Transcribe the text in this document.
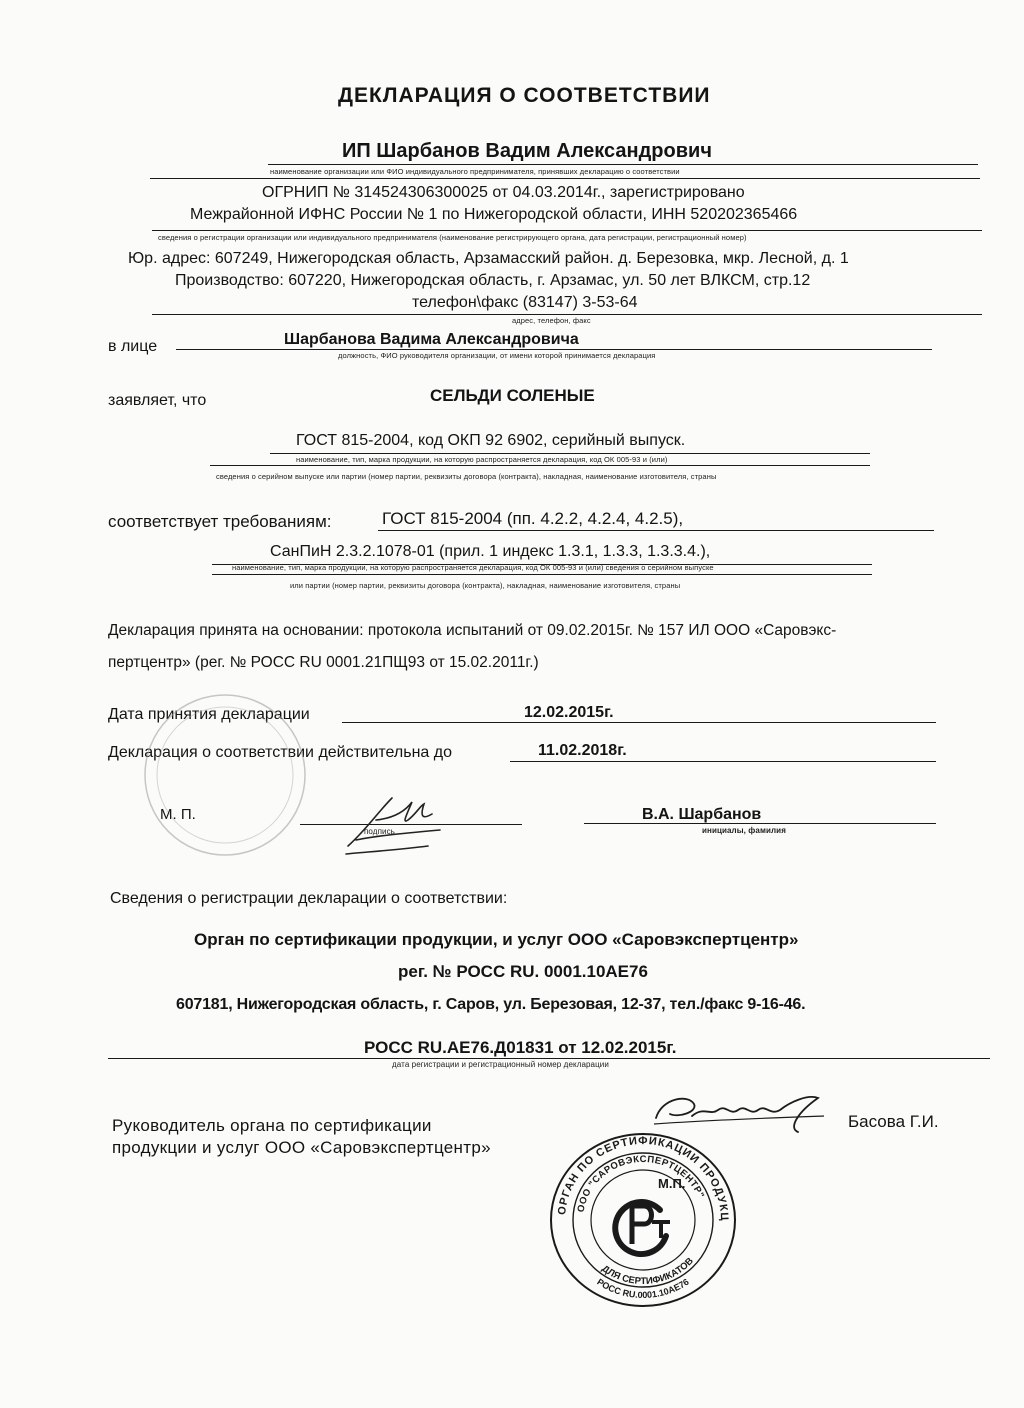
ДЕКЛАРАЦИЯ О СООТВЕТСТВИИ
ИП Шарбанов Вадим Александрович
наименование организации или ФИО индивидуального предпринимателя, принявших декларацию о соответствии
ОГРНИП № 314524306300025 от 04.03.2014г., зарегистрировано
Межрайонной ИФНС России № 1 по Нижегородской области, ИНН 520202365466
сведения о регистрации организации или индивидуального предпринимателя (наименование регистрирующего органа, дата регистрации, регистрационный номер)
Юр. адрес: 607249, Нижегородская область, Арзамасский район. д. Березовка, мкр. Лесной, д. 1
Производство: 607220, Нижегородская область, г. Арзамас, ул. 50 лет ВЛКСМ, стр.12
телефон\факс (83147) 3-53-64
адрес, телефон, факс
в лице	Шарбанова Вадима Александровича
должность, ФИО руководителя организации, от имени которой принимается декларация
заявляет, что	СЕЛЬДИ СОЛЕНЫЕ
ГОСТ 815-2004, код ОКП 92 6902, серийный выпуск.
наименование, тип, марка продукции, на которую распространяется декларация, код ОК 005-93 и (или)
сведения о серийном выпуске или партии (номер партии, реквизиты договора (контракта), накладная, наименование изготовителя, страны
соответствует требованиям:	ГОСТ 815-2004 (пп. 4.2.2, 4.2.4, 4.2.5),
СанПиН 2.3.2.1078-01 (прил. 1 индекс 1.3.1, 1.3.3, 1.3.3.4.),
наименование, тип, марка продукции, на которую распространяется декларация, код ОК 005-93 и (или) сведения о серийном выпуске
или партии (номер партии, реквизиты договора (контракта), накладная, наименование изготовителя, страны
Декларация принята на основании: протокола испытаний от 09.02.2015г. № 157 ИЛ ООО «Саровэкс-
пертцентр» (рег. № РОСС RU 0001.21ПЩ93 от 15.02.2011г.)
Дата принятия декларации	12.02.2015г.
Декларация о соответствии действительна до	11.02.2018г.
М. П.
подпись
В.А. Шарбанов
инициалы, фамилия
Сведения о регистрации декларации о соответствии:
Орган по сертификации продукции, и услуг ООО «Саровэкспертцентр»
рег. № РОСС RU. 0001.10АЕ76
607181, Нижегородская область, г. Саров, ул. Березовая, 12-37, тел./факс 9-16-46.
РОСС RU.АЕ76.Д01831 от 12.02.2015г.
дата регистрации и регистрационный номер декларации
Руководитель органа по сертификации
продукции и услуг ООО «Саровэкспертцентр»
Басова Г.И.
ОРГАН ПО СЕРТИФИКАЦИИ ПРОДУКЦИИ И УСЛУГ
ООО "САРОВЭКСПЕРТЦЕНТР"
ДЛЯ СЕРТИФИКАТОВ
РОСС RU.0001.10АЕ76
М.П.
